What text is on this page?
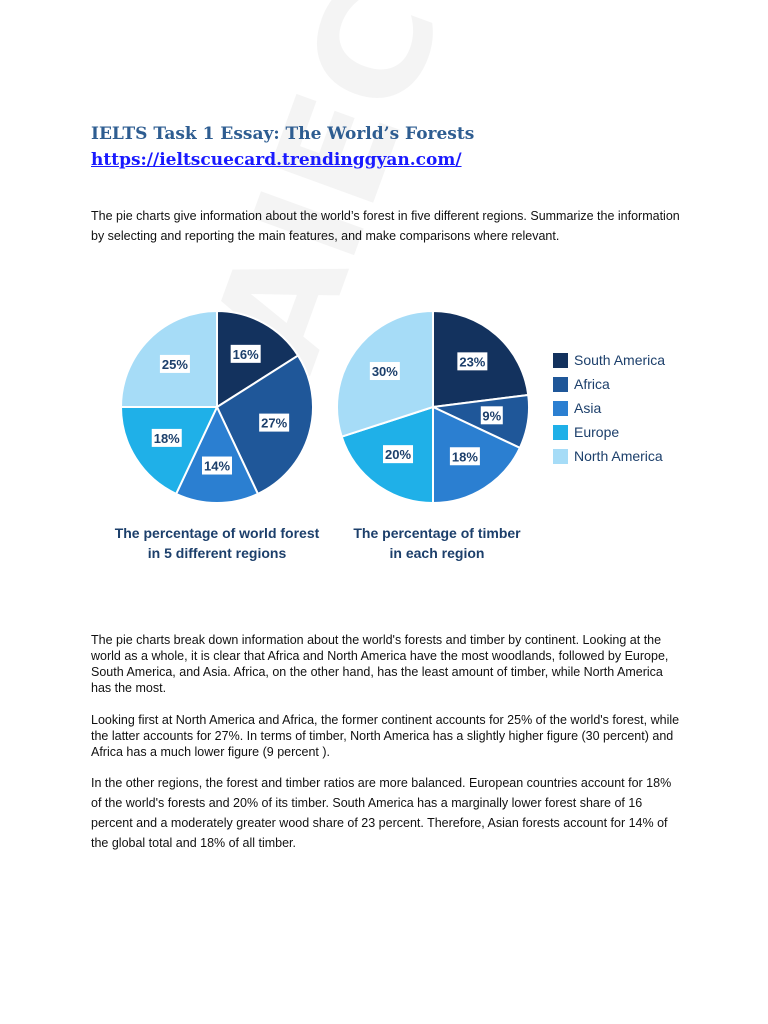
IELTS Task 1 Essay: The World’s Forests
https://ieltscuecard.trendinggyan.com/

The pie charts give information about the world’s forest in five different regions. Summarize the information by selecting and reporting the main features, and make comparisons where relevant.

16%
27%
14%
18%
25%	23%
9%
18%
20%
30%
South America
Africa
Asia
Europe
North America
The percentage of world forest
in 5 different regions
The percentage of timber
in each region

The pie charts break down information about the world's forests and timber by continent. Looking at the world as a whole, it is clear that Africa and North America have the most woodlands, followed by Europe, South America, and Asia. Africa, on the other hand, has the least amount of timber, while North America has the most.

Looking first at North America and Africa, the former continent accounts for 25% of the world's forest, while the latter accounts for 27%. In terms of timber, North America has a slightly higher figure (30 percent) and Africa has a much lower figure (9 percent ).

In the other regions, the forest and timber ratios are more balanced. European countries account for 18% of the world's forests and 20% of its timber. South America has a marginally lower forest share of 16 percent and a moderately greater wood share of 23 percent. Therefore, Asian forests account for 14% of the global total and 18% of all timber.
